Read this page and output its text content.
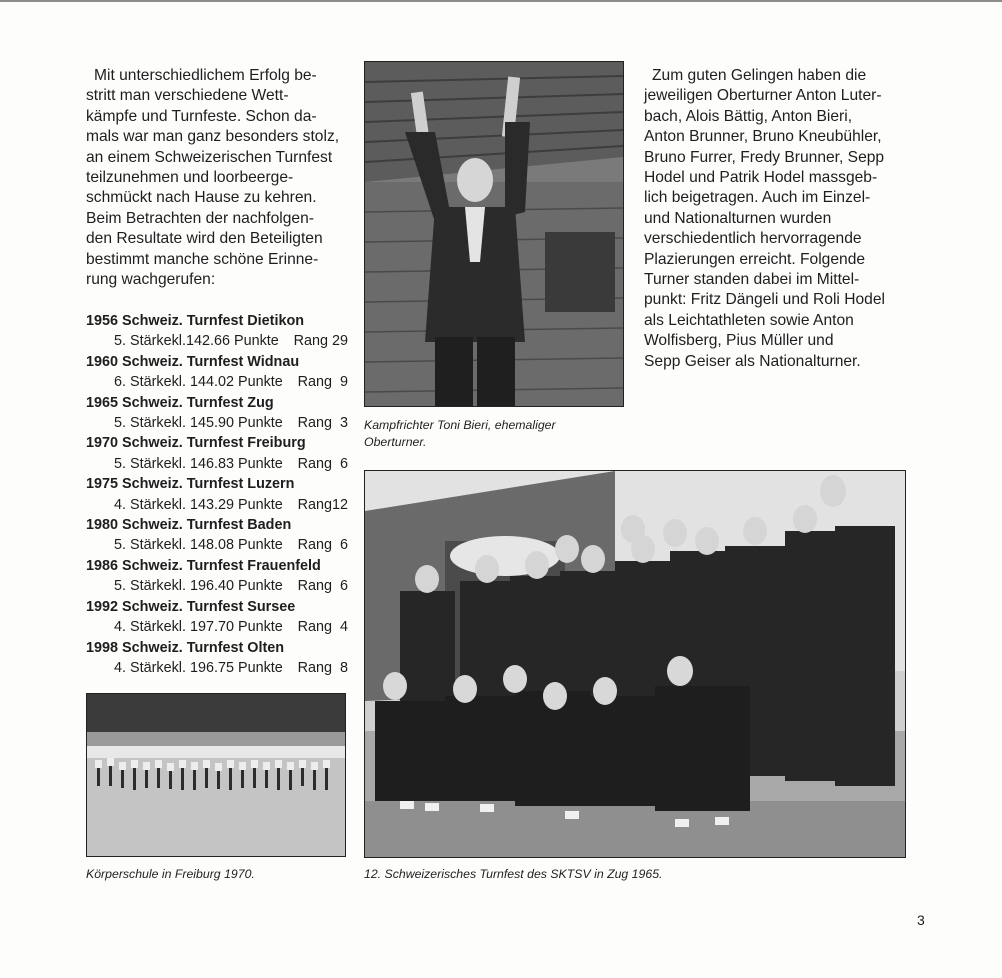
Mit unterschiedlichem Erfolg be-
stritt man verschiedene Wett-
kämpfe und Turnfeste. Schon da-
mals war man ganz besonders stolz,
an einem Schweizerischen Turnfest
teilzunehmen und loorbeerge-
schmückt nach Hause zu kehren.
Beim Betrachten der nachfolgen-
den Resultate wird den Beteiligten
bestimmt manche schöne Erinne-
rung wachgerufen:
1956 Schweiz. Turnfest Dietikon
5. Stärkekl.142.66 Punkte	Rang 29
1960 Schweiz. Turnfest Widnau
6. Stärkekl. 144.02 Punkte	Rang  9
1965 Schweiz. Turnfest Zug
5. Stärkekl. 145.90 Punkte	Rang  3
1970 Schweiz. Turnfest Freiburg
5. Stärkekl. 146.83 Punkte	Rang  6
1975 Schweiz. Turnfest Luzern
4. Stärkekl. 143.29 Punkte	Rang12
1980 Schweiz. Turnfest Baden
5. Stärkekl. 148.08 Punkte	Rang  6
1986 Schweiz. Turnfest Frauenfeld
5. Stärkekl. 196.40 Punkte	Rang  6
1992 Schweiz. Turnfest Sursee
4. Stärkekl. 197.70 Punkte	Rang  4
1998 Schweiz. Turnfest Olten
4. Stärkekl. 196.75 Punkte	Rang  8
Zum guten Gelingen haben die
jeweiligen Oberturner Anton Luter-
bach, Alois Bättig, Anton Bieri,
Anton Brunner, Bruno Kneubühler,
Bruno Furrer, Fredy Brunner, Sepp
Hodel und Patrik Hodel massgeb-
lich beigetragen. Auch im Einzel-
und Nationalturnen wurden
verschiedentlich hervorragende
Plazierungen erreicht. Folgende
Turner standen dabei im Mittel-
punkt: Fritz Dängeli und Roli Hodel
als Leichtathleten sowie Anton
Wolfisberg, Pius Müller und
Sepp Geiser als Nationalturner.
Kampfrichter Toni Bieri, ehemaliger
Oberturner.
Körperschule in Freiburg 1970.	12. Schweizerisches Turnfest des SKTSV in Zug 1965.
3
